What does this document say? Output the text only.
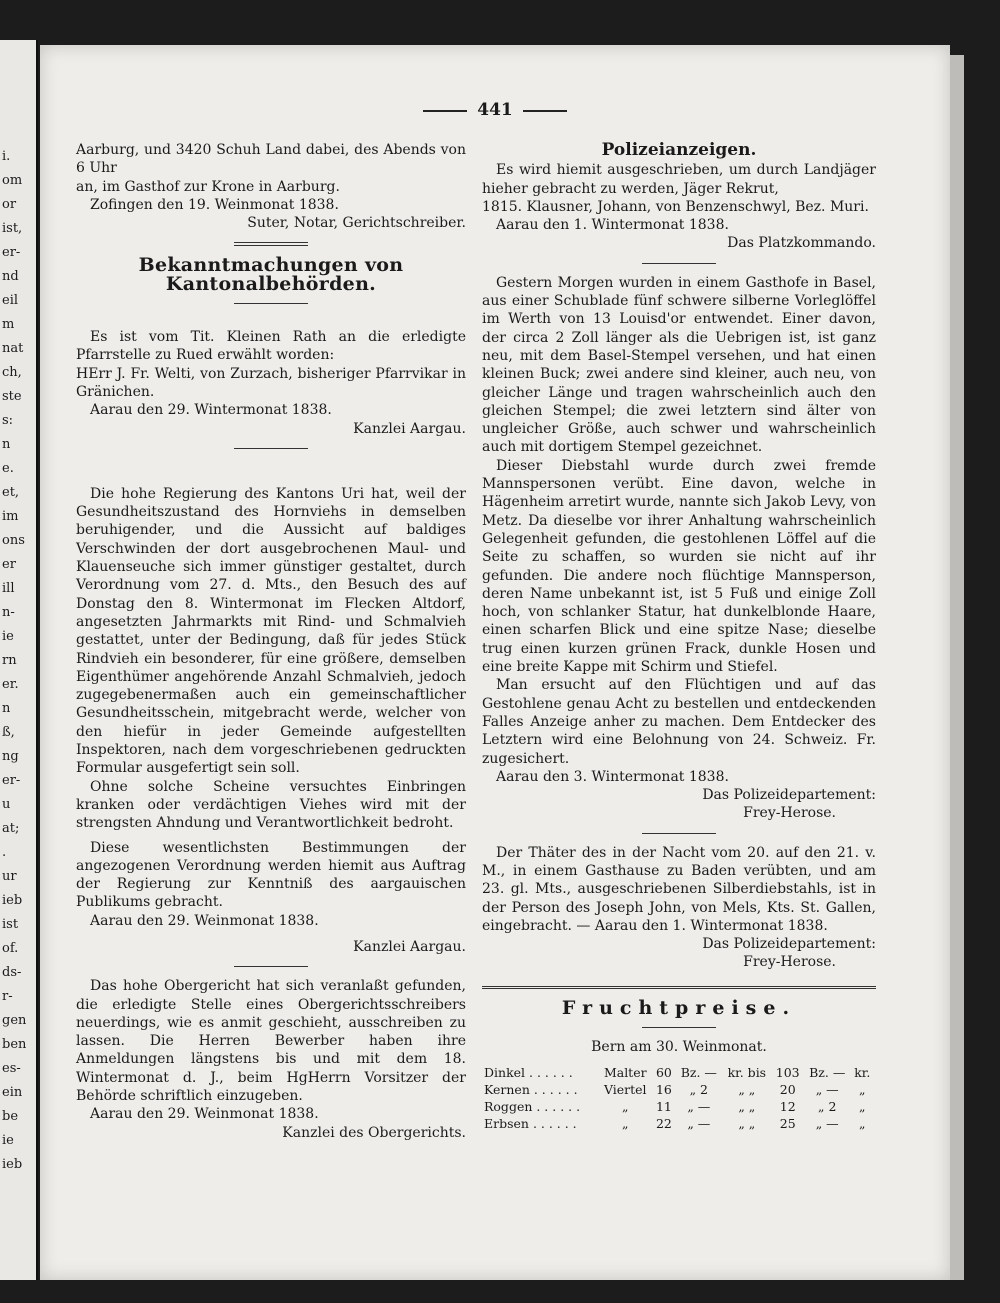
i.
om
or
ist,
er-
nd
eil
m
nat
ch,
ste
s:
n
e.
et,
im
ons
er
ill
n-
ie
rn
er.
n
ß,
ng
er-
u
at;
.
ur
ieb
ist
of.
ds-
r-
gen
ben
es-
ein
be
ie
ieb
441

Aarburg, und 3420 Schuh Land dabei, des Abends von 6 Uhr

an, im Gasthof zur Krone in Aarburg.

Zofingen den 19. Weinmonat 1838.

Suter, Notar, Gerichtschreiber.

Bekanntmachungen von Kantonalbehörden.

Es ist vom Tit. Kleinen Rath an die erledigte Pfarrstelle zu Rued erwählt worden:

HErr J. Fr. Welti, von Zurzach, bisheriger Pfarrvikar in Gränichen.

Aarau den 29. Wintermonat 1838.

Kanzlei Aargau.

Die hohe Regierung des Kantons Uri hat, weil der Gesundheitszustand des Hornviehs in demselben beruhigender, und die Aussicht auf baldiges Verschwinden der dort ausgebrochenen Maul- und Klauenseuche sich immer günstiger gestaltet, durch Verordnung vom 27. d. Mts., den Besuch des auf Donstag den 8. Wintermonat im Flecken Altdorf, angesetzten Jahrmarkts mit Rind- und Schmalvieh gestattet, unter der Bedingung, daß für jedes Stück Rindvieh ein besonderer, für eine größere, demselben Eigenthümer angehörende Anzahl Schmalvieh, jedoch zugegebenermaßen auch ein gemeinschaftlicher Gesundheitsschein, mitgebracht werde, welcher von den hiefür in jeder Gemeinde aufgestellten Inspektoren, nach dem vorgeschriebenen gedruckten Formular ausgefertigt sein soll.

Ohne solche Scheine versuchtes Einbringen kranken oder verdächtigen Viehes wird mit der strengsten Ahndung und Verantwortlichkeit bedroht.

Diese wesentlichsten Bestimmungen der angezogenen Verordnung werden hiemit aus Auftrag der Regierung zur Kenntniß des aargauischen Publikums gebracht.

Aarau den 29. Weinmonat 1838.

Kanzlei Aargau.

Das hohe Obergericht hat sich veranlaßt gefunden, die erledigte Stelle eines Obergerichtsschreibers neuerdings, wie es anmit geschieht, ausschreiben zu lassen. Die Herren Bewerber haben ihre Anmeldungen längstens bis und mit dem 18. Wintermonat d. J., beim HgHerrn Vorsitzer der Behörde schriftlich einzugeben.

Aarau den 29. Weinmonat 1838.

Kanzlei des Obergerichts.

Polizeianzeigen.

Es wird hiemit ausgeschrieben, um durch Landjäger hieher gebracht zu werden, Jäger Rekrut,

1815. Klausner, Johann, von Benzenschwyl, Bez. Muri.

Aarau den 1. Wintermonat 1838.

Das Platzkommando.

Gestern Morgen wurden in einem Gasthofe in Basel, aus einer Schublade fünf schwere silberne Vorleglöffel im Werth von 13 Louisd'or entwendet. Einer davon, der circa 2 Zoll länger als die Uebrigen ist, ist ganz neu, mit dem Basel-Stempel versehen, und hat einen kleinen Buck; zwei andere sind kleiner, auch neu, von gleicher Länge und tragen wahrscheinlich auch den gleichen Stempel; die zwei letztern sind älter von ungleicher Größe, auch schwer und wahrscheinlich auch mit dortigem Stempel gezeichnet.

Dieser Diebstahl wurde durch zwei fremde Mannspersonen verübt. Eine davon, welche in Hägenheim arretirt wurde, nannte sich Jakob Levy, von Metz. Da dieselbe vor ihrer Anhaltung wahrscheinlich Gelegenheit gefunden, die gestohlenen Löffel auf die Seite zu schaffen, so wurden sie nicht auf ihr gefunden. Die andere noch flüchtige Mannsperson, deren Name unbekannt ist, ist 5 Fuß und einige Zoll hoch, von schlanker Statur, hat dunkelblonde Haare, einen scharfen Blick und eine spitze Nase; dieselbe trug einen kurzen grünen Frack, dunkle Hosen und eine breite Kappe mit Schirm und Stiefel.

Man ersucht auf den Flüchtigen und auf das Gestohlene genau Acht zu bestellen und entdeckenden Falles Anzeige anher zu machen. Dem Entdecker des Letztern wird eine Belohnung von 24. Schweiz. Fr. zugesichert.

Aarau den 3. Wintermonat 1838.

Das Polizeidepartement:

Frey-Herose.

Der Thäter des in der Nacht vom 20. auf den 21. v. M., in einem Gasthause zu Baden verübten, und am 23. gl. Mts., ausgeschriebenen Silberdiebstahls, ist in der Person des Joseph John, von Mels, Kts. St. Gallen, eingebracht. — Aarau den 1. Wintermonat 1838.

Das Polizeidepartement:

Frey-Herose.

Fruchtpreise.

Bern am 30. Weinmonat.

Dinkel . . . . . .	Malter	60	Bz. —	kr. bis	103	Bz. —	kr.
Kernen . . . . . .	Viertel	16	„ 2	„ „	20	„ —	„
Roggen . . . . . .	„	11	„ —	„ „	12	„ 2	„
Erbsen . . . . . .	„	22	„ —	„ „	25	„ —	„
